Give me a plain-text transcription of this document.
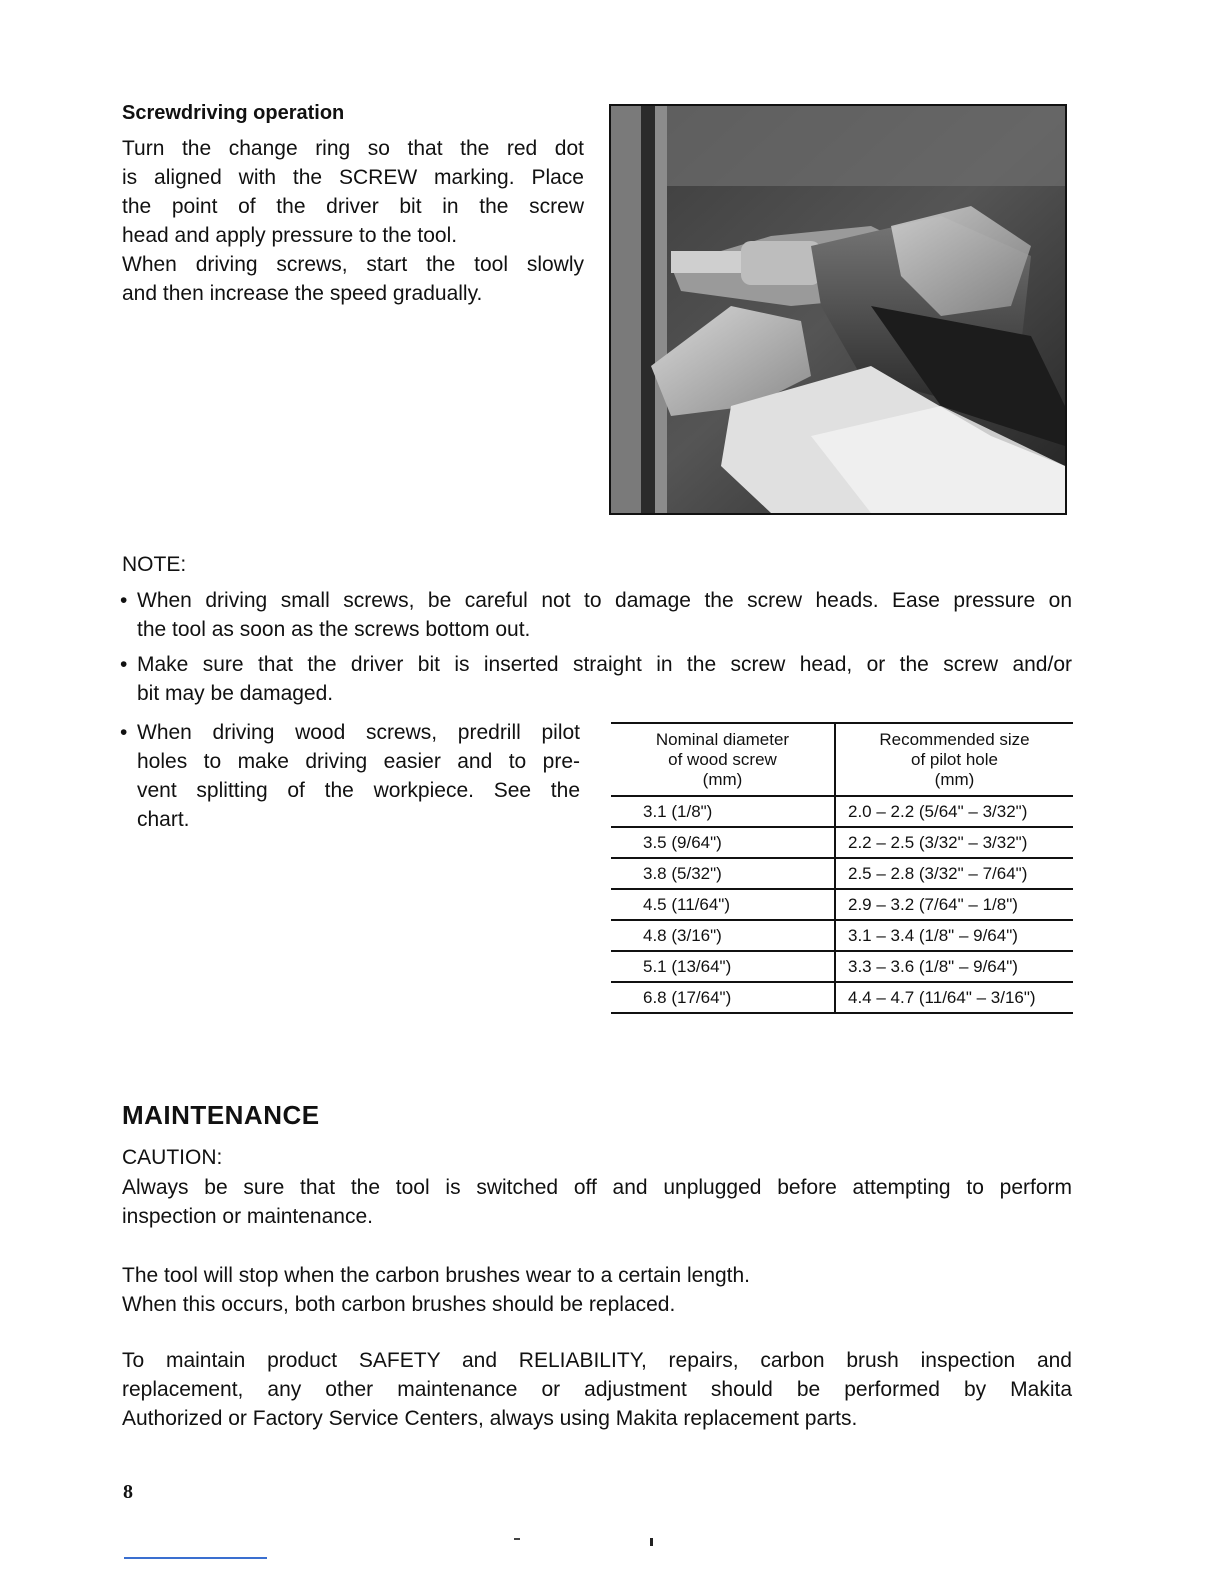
Screwdriving operation
Turn the change ring so that the red dot
is aligned with the SCREW marking. Place
the point of the driver bit in the screw
head and apply pressure to the tool.
When driving screws, start the tool slowly
and then increase the speed gradually.
NOTE:
• When driving small screws, be careful not to damage the screw heads. Ease pressure on
the tool as soon as the screws bottom out.
• Make sure that the driver bit is inserted straight in the screw head, or the screw and/or
bit may be damaged.
• When driving wood screws, predrill pilot
holes to make driving easier and to pre-
vent splitting of the workpiece. See the
chart.
Nominal diameter
of wood screw
(mm)	Recommended size
of pilot hole
(mm)

3.1 (1/8")	2.0 – 2.2 (5/64" – 3/32")
3.5 (9/64")	2.2 – 2.5 (3/32" – 3/32")
3.8 (5/32")	2.5 – 2.8 (3/32" – 7/64")
4.5 (11/64")	2.9 – 3.2 (7/64" – 1/8")
4.8 (3/16")	3.1 – 3.4 (1/8" – 9/64")
5.1 (13/64")	3.3 – 3.6 (1/8" – 9/64")
6.8 (17/64")	4.4 – 4.7 (11/64" – 3/16")
MAINTENANCE
CAUTION:
Always be sure that the tool is switched off and unplugged before attempting to perform
inspection or maintenance.
The tool will stop when the carbon brushes wear to a certain length.
When this occurs, both carbon brushes should be replaced.
To maintain product SAFETY and RELIABILITY, repairs, carbon brush inspection and
replacement, any other maintenance or adjustment should be performed by Makita
Authorized or Factory Service Centers, always using Makita replacement parts.
8
